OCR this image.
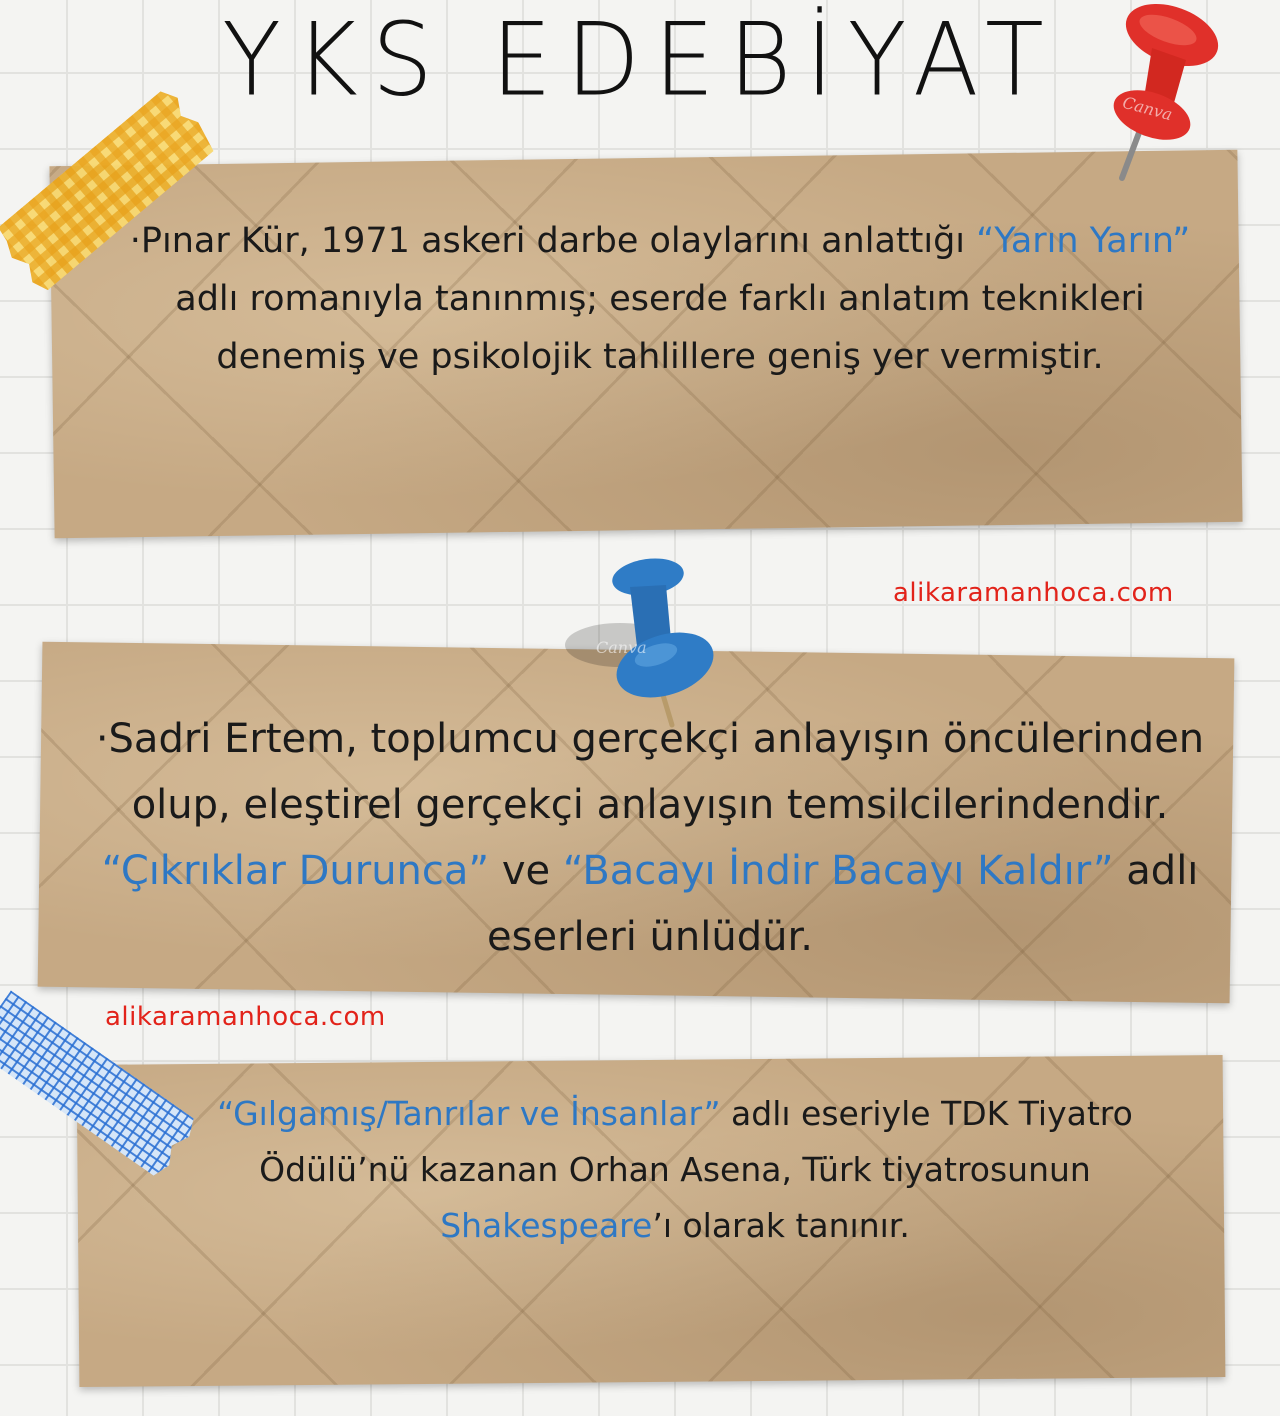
YKS EDEBİYAT
·Pınar Kür, 1971 askeri darbe olaylarını anlattığı “Yarın Yarın” adlı romanıyla tanınmış; eserde farklı anlatım teknikleri denemiş ve psikolojik tahlillere geniş yer vermiştir.
·Sadri Ertem, toplumcu gerçekçi anlayışın öncülerinden olup, eleştirel gerçekçi anlayışın temsilcilerindendir. “Çıkrıklar Durunca” ve “Bacayı İndir Bacayı Kaldır” adlı eserleri ünlüdür.
“Gılgamış/Tanrılar ve İnsanlar” adlı eseriyle TDK Tiyatro Ödülü’nü kazanan Orhan Asena, Türk tiyatrosunun Shakespeare’ı olarak tanınır.
alikaramanhoca.com
alikaramanhoca.com
Canva
Canva
